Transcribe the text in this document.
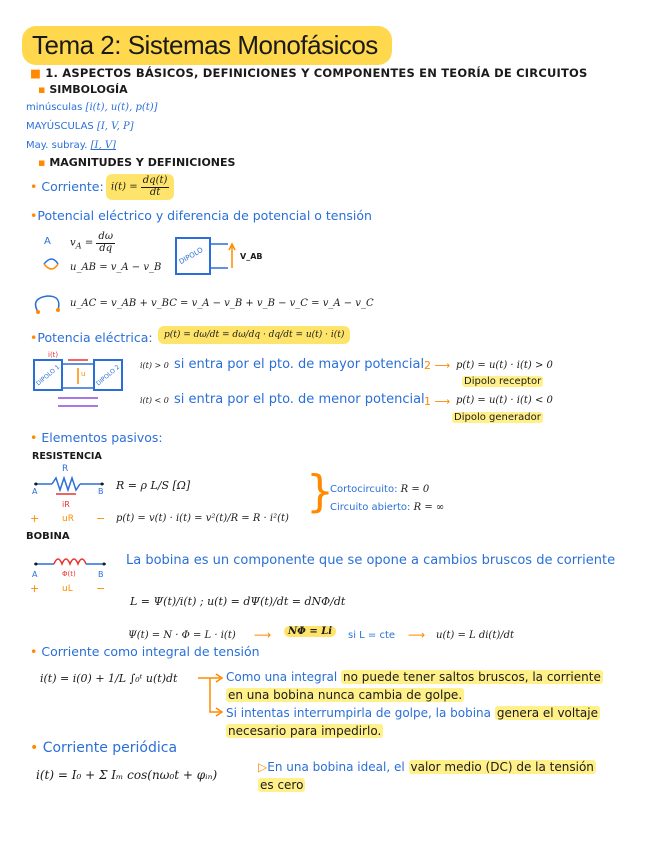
Tema 2: Sistemas Monofásicos
■ 1. ASPECTOS BÁSICOS, DEFINICIONES Y COMPONENTES EN TEORÍA DE CIRCUITOS
▪ SIMBOLOGÍA
minúsculas [i(t), u(t), p(t)]
MAYÚSCULAS [I, V, P]
May. subray. [I, V]
▪ MAGNITUDES Y DEFINICIONES
• Corriente: $i(t) = \frac{dq(t)}{dt}$
•Potencial eléctrico y diferencia de potencial o tensión
A $v_A = \frac{d\omega}{dq}$
u_AB = v_A − v_B
DIPOLO	V_AB
u_AC = v_AB + v_BC = v_A − v_B + v_B − v_C = v_A − v_C
•Potencia eléctrica:	p(t) = dω/dt = dω/dq · dq/dt = u(t) · i(t)
i(t)
u
DIPOLO 1	DIPOLO 2 i(t) > 0 si entra por el pto. de mayor potencial 2 ⟶ p(t) = u(t) · i(t) > 0
Dipolo receptor
i(t) < 0 si entra por el pto. de menor potencial 1 ⟶ p(t) = u(t) · i(t) < 0
Dipolo generador
• Elementos pasivos:
RESISTENCIA
R
A	B
iR
+	uR −
R = ρ L/S [Ω]
p(t) = v(t) · i(t) = v²(t)/R = R · i²(t)
}
Cortocircuito: R = 0
Circuito abierto: R = ∞
BOBINA
A	Φ(t)	B
+	uL −
La bobina es un componente que se opone a cambios bruscos de corriente
L = Ψ(t)/i(t) ; u(t) = dΨ(t)/dt = dNΦ/dt
Ψ(t) = N · Φ = L · i(t) ⟶	NΦ = Li	si L = cte ⟶ u(t) = L di(t)/dt
• Corriente como integral de tensión
i(t) = i(0) + 1/L ∫₀ᵗ u(t)dt	Como una integral no puede tener saltos bruscos, la corriente
en una bobina nunca cambia de golpe.
Si intentas interrumpirla de golpe, la bobina genera el voltaje
necesario para impedirlo.
• Corriente periódica
i(t) = I₀ + Σ Iₘ cos(nω₀t + φᵢₙ)
▷En una bobina ideal, el valor medio (DC) de la tensión
es cero
